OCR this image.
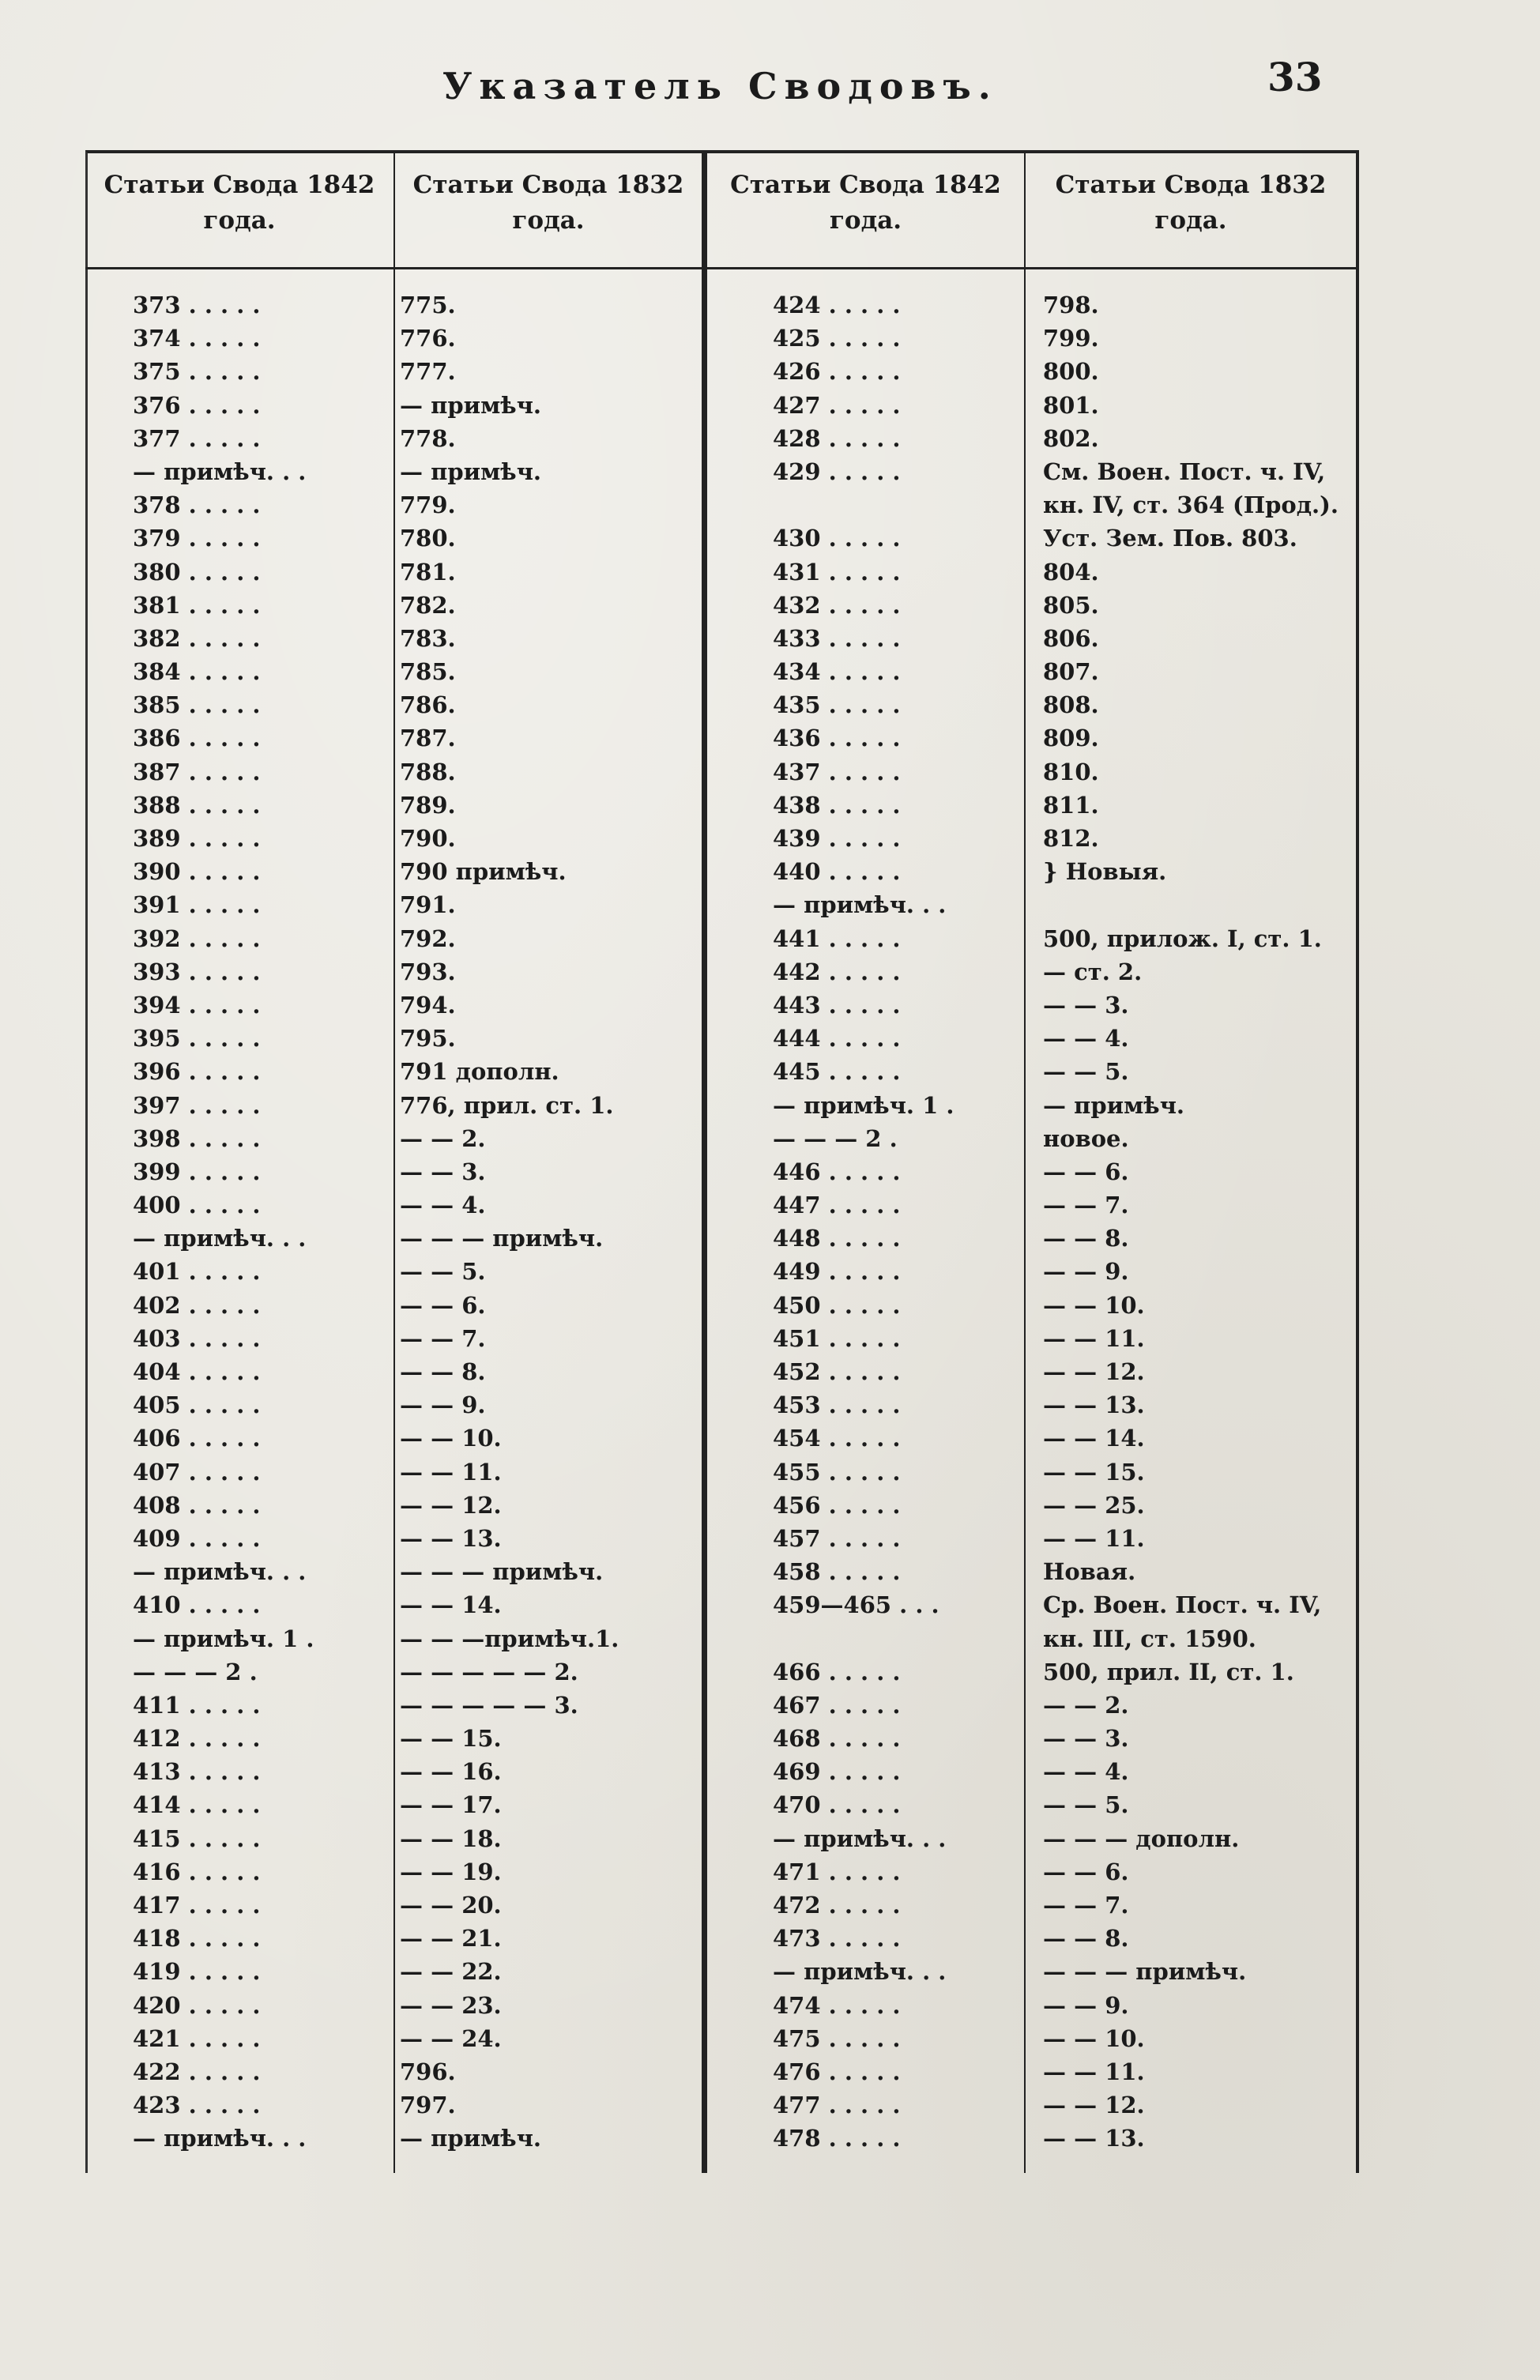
Указатель Сводовъ.	33
Статьи Свода 1842 года.
Статьи Свода 1832 года.
Статьи Свода 1842 года.
Статьи Свода 1832 года.
373 . . . . .	775.
374 . . . . .	776.
375 . . . . .	777.
376 . . . . .	— примѣч.
377 . . . . .	778.
— примѣч. . .	— примѣч.
378 . . . . .	779.
379 . . . . .	780.
380 . . . . .	781.
381 . . . . .	782.
382 . . . . .	783.
384 . . . . .	785.
385 . . . . .	786.
386 . . . . .	787.
387 . . . . .	788.
388 . . . . .	789.
389 . . . . .	790.
390 . . . . .	790 примѣч.
391 . . . . .	791.
392 . . . . .	792.
393 . . . . .	793.
394 . . . . .	794.
395 . . . . .	795.
396 . . . . .	791 дополн.
397 . . . . .	776, прил. ст. 1.
398 . . . . .	— — 2.
399 . . . . .	— — 3.
400 . . . . .	— — 4.
— примѣч. . .	— — — примѣч.
401 . . . . .	— — 5.
402 . . . . .	— — 6.
403 . . . . .	— — 7.
404 . . . . .	— — 8.
405 . . . . .	— — 9.
406 . . . . .	— — 10.
407 . . . . .	— — 11.
408 . . . . .	— — 12.
409 . . . . .	— — 13.
— примѣч. . .	— — — примѣч.
410 . . . . .	— — 14.
— примѣч. 1 .	— — —примѣч.1.
— — — 2 .	— — — — — 2.
411 . . . . .	— — — — — 3.
412 . . . . .	— — 15.
413 . . . . .	— — 16.
414 . . . . .	— — 17.
415 . . . . .	— — 18.
416 . . . . .	— — 19.
417 . . . . .	— — 20.
418 . . . . .	— — 21.
419 . . . . .	— — 22.
420 . . . . .	— — 23.
421 . . . . .	— — 24.
422 . . . . .	796.
423 . . . . .	797.
— примѣч. . .	— примѣч.
424 . . . . .	798.
425 . . . . .	799.
426 . . . . .	800.
427 . . . . .	801.
428 . . . . .	802.
429 . . . . .	См. Воен. Пост. ч. IV,
кн. IV, ст. 364 (Прод.).
430 . . . . .	Уст. Зем. Пов. 803.
431 . . . . .	804.
432 . . . . .	805.
433 . . . . .	806.
434 . . . . .	807.
435 . . . . .	808.
436 . . . . .	809.
437 . . . . .	810.
438 . . . . .	811.
439 . . . . .	812.
440 . . . . .	} Новыя.
— примѣч. . .
441 . . . . .	500, прилож. I, ст. 1.
442 . . . . .	— ст. 2.
443 . . . . .	— — 3.
444 . . . . .	— — 4.
445 . . . . .	— — 5.
— примѣч. 1 .	— примѣч.
— — — 2 .	новое.
446 . . . . .	— — 6.
447 . . . . .	— — 7.
448 . . . . .	— — 8.
449 . . . . .	— — 9.
450 . . . . .	— — 10.
451 . . . . .	— — 11.
452 . . . . .	— — 12.
453 . . . . .	— — 13.
454 . . . . .	— — 14.
455 . . . . .	— — 15.
456 . . . . .	— — 25.
457 . . . . .	— — 11.
458 . . . . .	Новая.
459—465 . . .	Ср. Воен. Пост. ч. IV,
кн. III, ст. 1590.
466 . . . . .	500, прил. II, ст. 1.
467 . . . . .	— — 2.
468 . . . . .	— — 3.
469 . . . . .	— — 4.
470 . . . . .	— — 5.
— примѣч. . .	— — — дополн.
471 . . . . .	— — 6.
472 . . . . .	— — 7.
473 . . . . .	— — 8.
— примѣч. . .	— — — примѣч.
474 . . . . .	— — 9.
475 . . . . .	— — 10.
476 . . . . .	— — 11.
477 . . . . .	— — 12.
478 . . . . .	— — 13.
